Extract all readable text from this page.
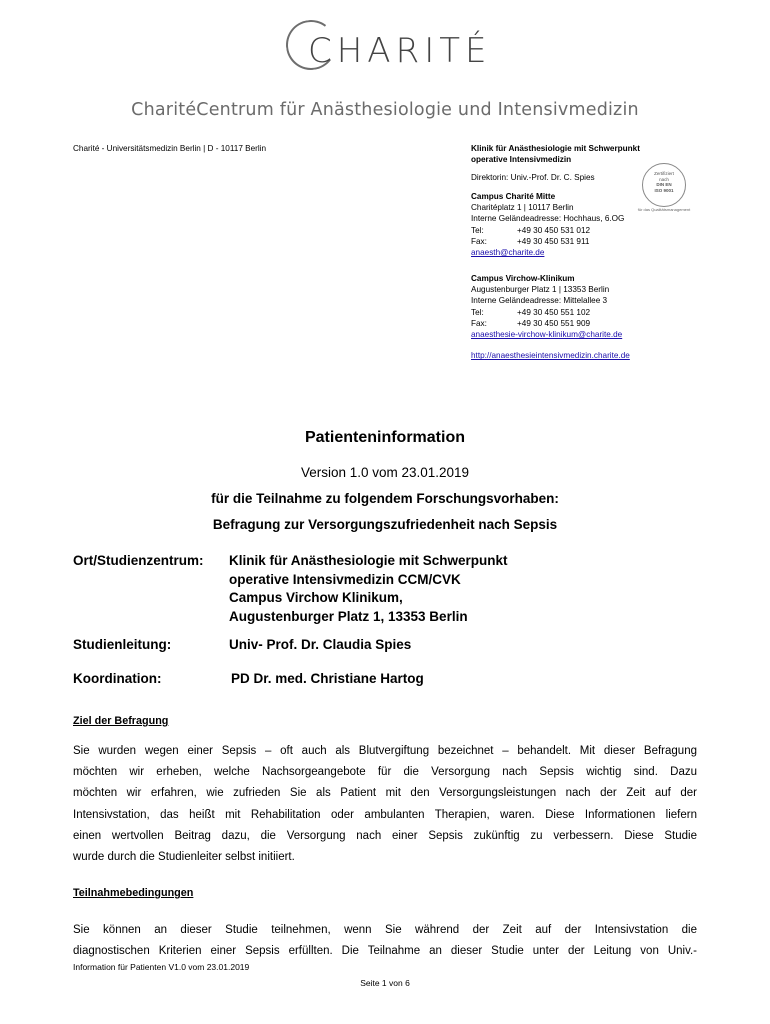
CHARITÉ
CharitéCentrum für Anästhesiologie und Intensivmedizin
Charité - Universitätsmedizin Berlin | D - 10117 Berlin	Klinik für Anästhesiologie mit Schwerpunkt
operative Intensivmedizin
Direktorin: Univ.-Prof. Dr. C. Spies
Campus Charité Mitte
Charitéplatz 1 | 10117 Berlin
Interne Geländeadresse: Hochhaus, 6.OG
Tel:	+49 30 450 531 012
Fax:	+49 30 450 531 911
anaesth@charite.de
Campus Virchow-Klinikum
Augustenburger Platz 1 | 13353 Berlin
Interne Geländeadresse: Mittelallee 3
Tel:	+49 30 450 551 102
Fax:	+49 30 450 551 909
anaesthesie-virchow-klinikum@charite.de
http://anaesthesieintensivmedizin.charite.de
Zertifiziert
nach
DIN EN
ISO 9001
für das Qualitätsmanagement
Patienteninformation
Version 1.0 vom 23.01.2019
für die Teilnahme zu folgendem Forschungsvorhaben:
Befragung zur Versorgungszufriedenheit nach Sepsis
Ort/Studienzentrum:	Klinik für Anästhesiologie mit Schwerpunkt
operative Intensivmedizin CCM/CVK
Campus Virchow Klinikum,
Augustenburger Platz 1, 13353 Berlin
Studienleitung:	Univ- Prof. Dr. Claudia Spies
Koordination:	PD Dr. med. Christiane Hartog
Ziel der Befragung
Sie wurden wegen einer Sepsis – oft auch als Blutvergiftung bezeichnet – behandelt. Mit dieser Befragung
möchten wir erheben, welche Nachsorgeangebote für die Versorgung nach Sepsis wichtig sind. Dazu
möchten wir erfahren, wie zufrieden Sie als Patient mit den Versorgungsleistungen nach der Zeit auf der
Intensivstation, das heißt mit Rehabilitation oder ambulanten Therapien, waren. Diese Informationen liefern
einen wertvollen Beitrag dazu, die Versorgung nach einer Sepsis zukünftig zu verbessern. Diese Studie
wurde durch die Studienleiter selbst initiiert.
Teilnahmebedingungen
Sie können an dieser Studie teilnehmen, wenn Sie während der Zeit auf der Intensivstation die
diagnostischen Kriterien einer Sepsis erfüllten. Die Teilnahme an dieser Studie unter der Leitung von Univ.-
Information für Patienten V1.0 vom 23.01.2019
Seite 1 von 6
